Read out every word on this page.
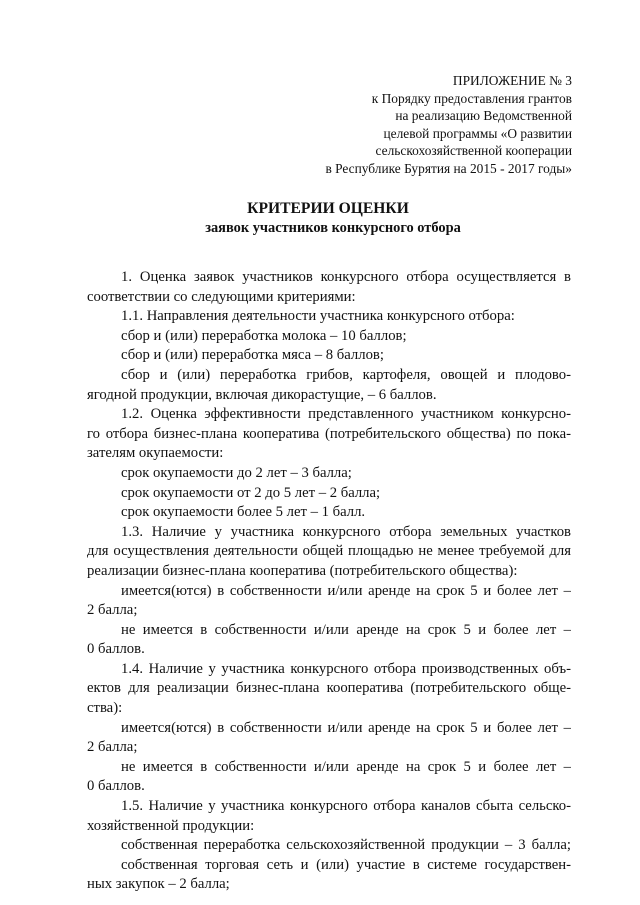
ПРИЛОЖЕНИЕ № 3
к Порядку предоставления грантов
на реализацию Ведомственной
целевой программы «О развитии
сельскохозяйственной кооперации
в Республике Бурятия на 2015 - 2017 годы»
КРИТЕРИИ ОЦЕНКИ
заявок участников конкурсного отбора
1. Оценка заявок участников конкурсного отбора осуществляется в
соответствии со следующими критериями:
1.1. Направления деятельности участника конкурсного отбора:
сбор и (или) переработка молока – 10 баллов;
сбор и (или) переработка мяса – 8 баллов;
сбор и (или) переработка грибов, картофеля, овощей и плодово-
ягодной продукции, включая дикорастущие, – 6 баллов.
1.2. Оценка эффективности представленного участником конкурсно-
го отбора бизнес-плана кооператива (потребительского общества) по пока-
зателям окупаемости:
срок окупаемости до 2 лет – 3 балла;
срок окупаемости от 2 до 5 лет – 2 балла;
срок окупаемости более 5 лет – 1 балл.
1.3. Наличие у участника конкурсного отбора земельных участков
для осуществления деятельности общей площадью не менее требуемой для
реализации бизнес-плана кооператива (потребительского общества):
имеется(ются) в собственности и/или аренде на срок 5 и более лет –
2 балла;
не имеется в собственности и/или аренде на срок 5 и более лет –
0 баллов.
1.4. Наличие у участника конкурсного отбора производственных объ-
ектов для реализации бизнес-плана кооператива (потребительского обще-
ства):
имеется(ются) в собственности и/или аренде на срок 5 и более лет –
2 балла;
не имеется в собственности и/или аренде на срок 5 и более лет –
0 баллов.
1.5. Наличие у участника конкурсного отбора каналов сбыта сельско-
хозяйственной продукции:
собственная переработка сельскохозяйственной продукции – 3 балла;
собственная торговая сеть и (или) участие в системе государствен-
ных закупок – 2 балла;
